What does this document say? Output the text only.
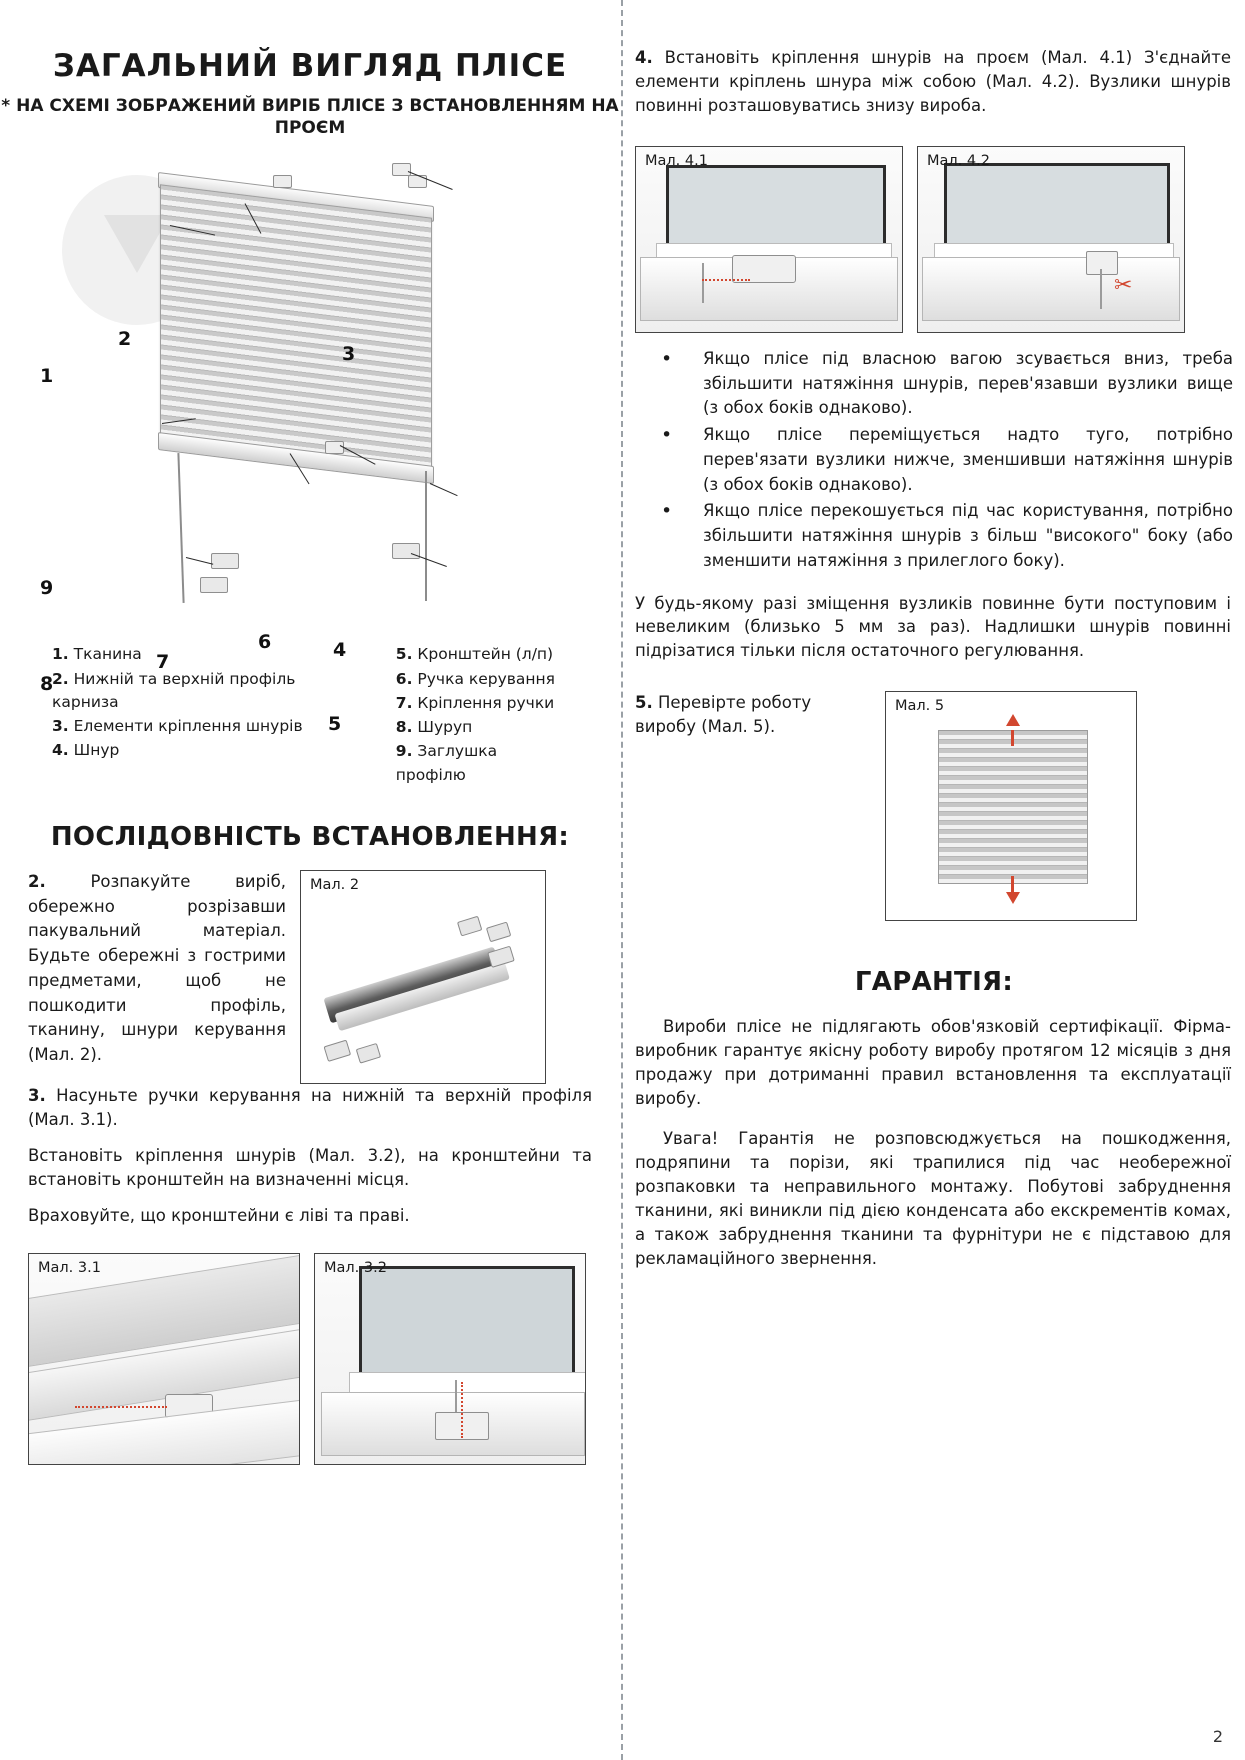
ЗАГАЛЬНИЙ ВИГЛЯД ПЛІСЕ
* НА СХЕМІ ЗОБРАЖЕНИЙ ВИРІБ ПЛІСЕ З ВСТАНОВЛЕННЯМ НА ПРОЄМ
1
2
3
4
5
6
7
8
9
1. Тканина
2. Нижній та верхній профіль карниза
3. Елементи кріплення шнурів
4. Шнур
5. Кронштейн (л/п)
6. Ручка керування
7. Кріплення ручки
8. Шуруп
9. Заглушка профілю
ПОСЛІДОВНІСТЬ ВСТАНОВЛЕННЯ:
2.	Розпакуйте виріб, обережно розрізавши пакувальний матеріал. Будьте обережні з гострими предметами, щоб не пошкодити профіль, тканину, шнури керування (Мал. 2).
Мал. 2

3. Насуньте ручки керування на нижній та верхній профіля (Мал. 3.1).

Встановіть кріплення шнурів (Мал. 3.2), на кронштейни та встановіть кронштейн на визначенні місця.

Враховуйте, що кронштейни є ліві та праві.

Мал. 3.1	Мал. 3.2

4. Встановіть кріплення шнурів на проєм (Мал. 4.1) З'єднайте елементи кріплень шнура між собою (Мал. 4.2). Вузлики шнурів повинні розташовуватись знизу виробa.

Мал. 4.1
✂
Мал. 4.2
• Якщо пліcе під власною вагою зсувається вниз, треба збільшити натяжіння шнурів, перев'язавши вузлики вище (з обох боків однаково).
• Якщо пліcе переміщується надто туго, потрібно перев'язати вузлики нижче, зменшивши натяжіння шнурів (з обох боків однаково).
• Якщо пліcе перекошується під час користування, потрібно збільшити натяжіння шнурів з більш "високого" боку (або зменшити натяжіння з прилеглого боку).

У будь-якому разі зміщення вузликів повинне бути поступовим і невеликим (близько 5 мм за раз). Надлишки шнурів повинні підрізатися тільки після остаточного регулювання.

5. Перевірте роботу виробу (Мал. 5).
Мал. 5
ГАРАНТІЯ:

Вироби пліcе не підлягають обов'язковій сертифікації. Фірма-виробник гарантує якісну роботу виробу протягом 12 місяців з дня продажу при дотриманні правил встановлення та експлуатації виробу.

Увага! Гарантія не розповсюджується на пошкодження, подряпини та порізи, які трапилися під час необережної розпаковки та неправильного монтажу. Побутові забруднення тканини, які виникли під дією конденсата або екскрементів комах, а також забруднення тканини та фурнітури не є підставою для рекламаційного звернення.

2
